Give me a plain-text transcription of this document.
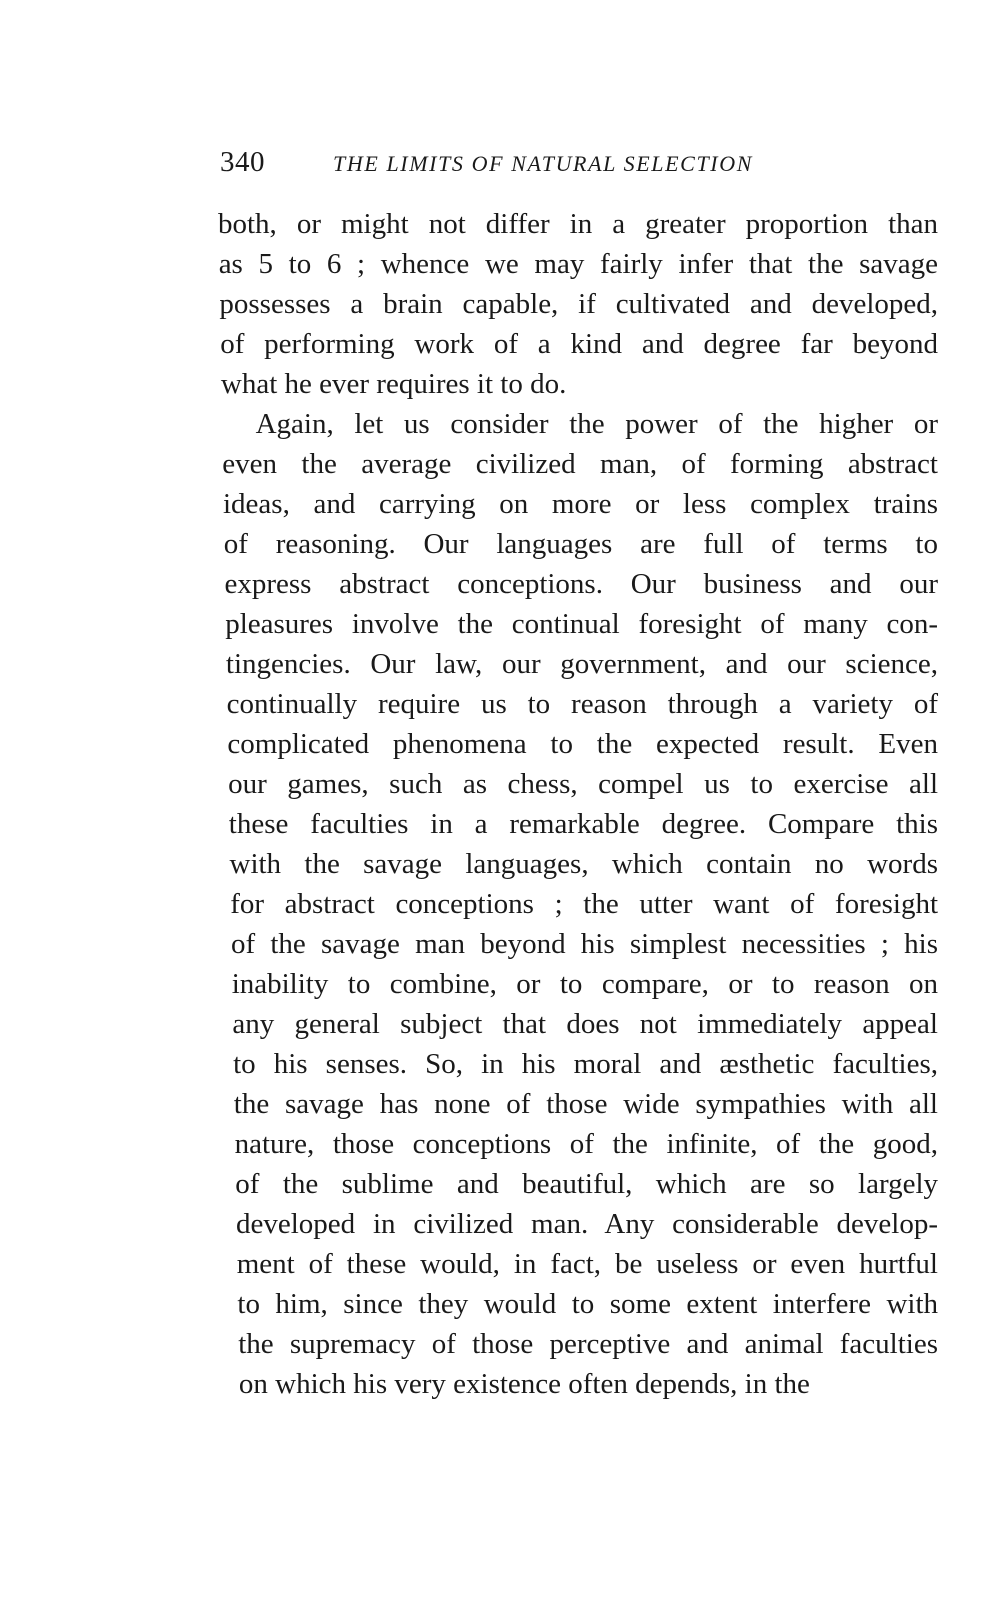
340	THE LIMITS OF NATURAL SELECTION
both, or might not differ in a greater proportion than
as 5 to 6 ; whence we may fairly infer that the savage
possesses a brain capable, if cultivated and developed,
of performing work of a kind and degree far beyond
what he ever requires it to do.
Again, let us consider the power of the higher or
even the average civilized man, of forming abstract
ideas, and carrying on more or less complex trains
of reasoning. Our languages are full of terms to
express abstract conceptions. Our business and our
pleasures involve the continual foresight of many con-
tingencies. Our law, our government, and our science,
continually require us to reason through a variety of
complicated phenomena to the expected result. Even
our games, such as chess, compel us to exercise all
these faculties in a remarkable degree. Compare this
with the savage languages, which contain no words
for abstract conceptions ; the utter want of foresight
of the savage man beyond his simplest necessities ; his
inability to combine, or to compare, or to reason on
any general subject that does not immediately appeal
to his senses. So, in his moral and æsthetic faculties,
the savage has none of those wide sympathies with all
nature, those conceptions of the infinite, of the good,
of the sublime and beautiful, which are so largely
developed in civilized man. Any considerable develop-
ment of these would, in fact, be useless or even hurtful
to him, since they would to some extent interfere with
the supremacy of those perceptive and animal faculties
on which his very existence often depends, in the
